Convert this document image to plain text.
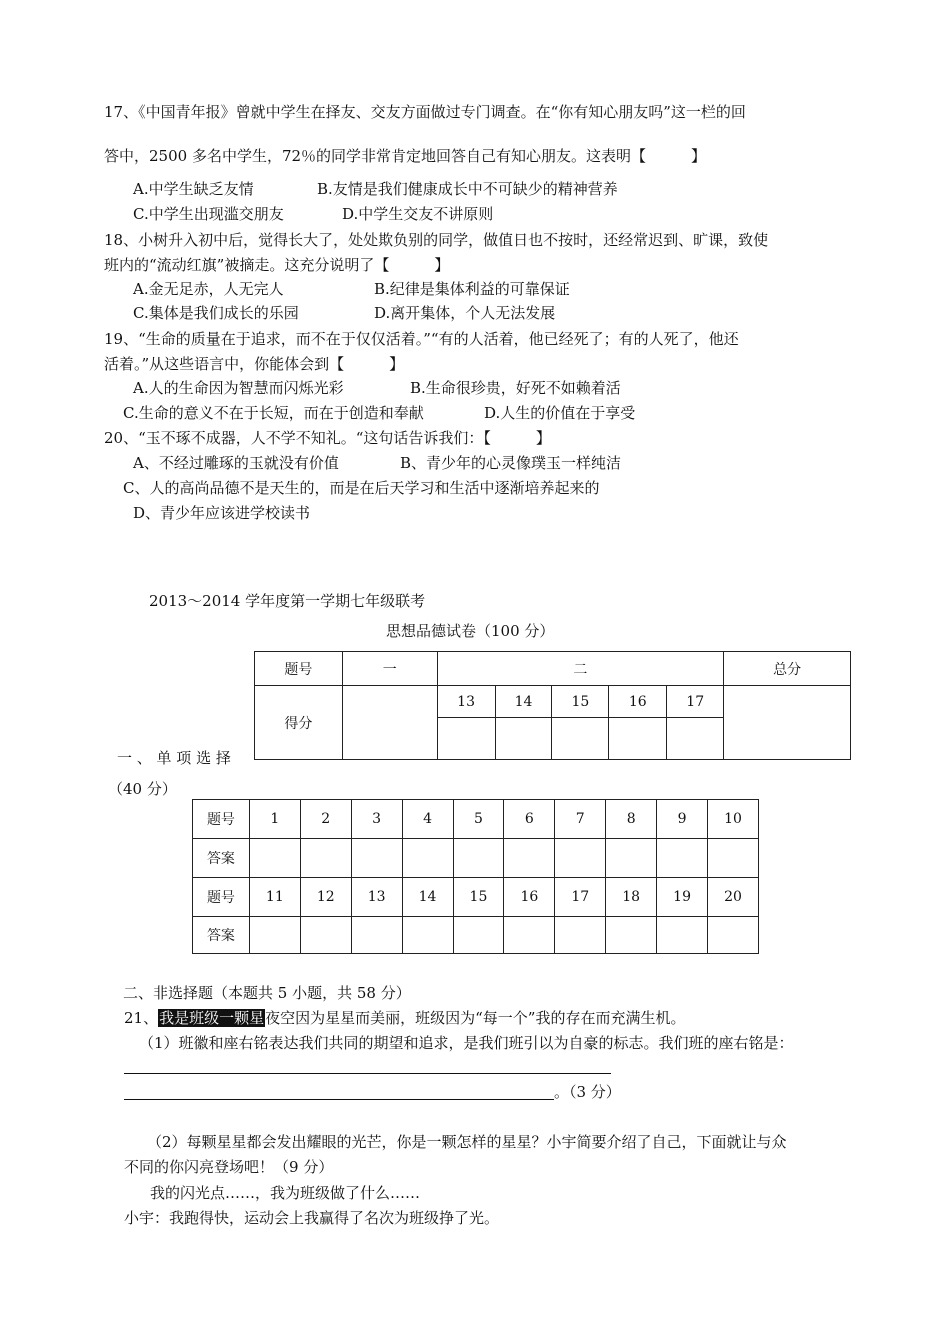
17、《中国青年报》曾就中学生在择友、交友方面做过专门调查。在“你有知心朋友吗”这一栏的回
答中，2500 多名中学生，72％的同学非常肯定地回答自己有知心朋友。这表明【　　　】
A.中学生缺乏友情	B.友情是我们健康成长中不可缺少的精神营养
C.中学生出现滥交朋友	D.中学生交友不讲原则
18、小树升入初中后，觉得长大了，处处欺负别的同学，做值日也不按时，还经常迟到、旷课，致使
班内的“流动红旗”被摘走。这充分说明了【　　　】
A.金无足赤，人无完人	B.纪律是集体利益的可靠保证
C.集体是我们成长的乐园	D.离开集体，个人无法发展
19、“生命的质量在于追求，而不在于仅仅活着。”“有的人活着，他已经死了；有的人死了，他还
活着。”从这些语言中，你能体会到【　　　】
A.人的生命因为智慧而闪烁光彩	B.生命很珍贵，好死不如赖着活
C.生命的意义不在于长短，而在于创造和奉献	D.人生的价值在于享受
20、“玉不琢不成器，人不学不知礼。“这句话告诉我们：【　　　】
A、不经过雕琢的玉就没有价值	B、青少年的心灵像璞玉一样纯洁
C、人的高尚品德不是天生的，而是在后天学习和生活中逐渐培养起来的
D、青少年应该进学校读书
2013～2014 学年度第一学期七年级联考
思想品德试卷（100 分）
题号	一	二					总分
得分		13	14	15	16	17	

一 、 单 项 选 择
（40 分）
题号	1	2	3	4	5	6	7	8	9	10
答案										
题号	11	12	13	14	15	16	17	18	19	20
答案										
二、非选择题（本题共 5 小题，共 58 分）
21、我是班级一颗星夜空因为星星而美丽，班级因为“每一个”我的存在而充满生机。
（1）班徽和座右铭表达我们共同的期望和追求，是我们班引以为自豪的标志。我们班的座右铭是：
。（3 分）
（2）每颗星星都会发出耀眼的光芒，你是一颗怎样的星星？小宇简要介绍了自己，下面就让与众
不同的你闪亮登场吧！（9 分）
我的闪光点……，我为班级做了什么……
小宇：我跑得快，运动会上我赢得了名次为班级挣了光。
